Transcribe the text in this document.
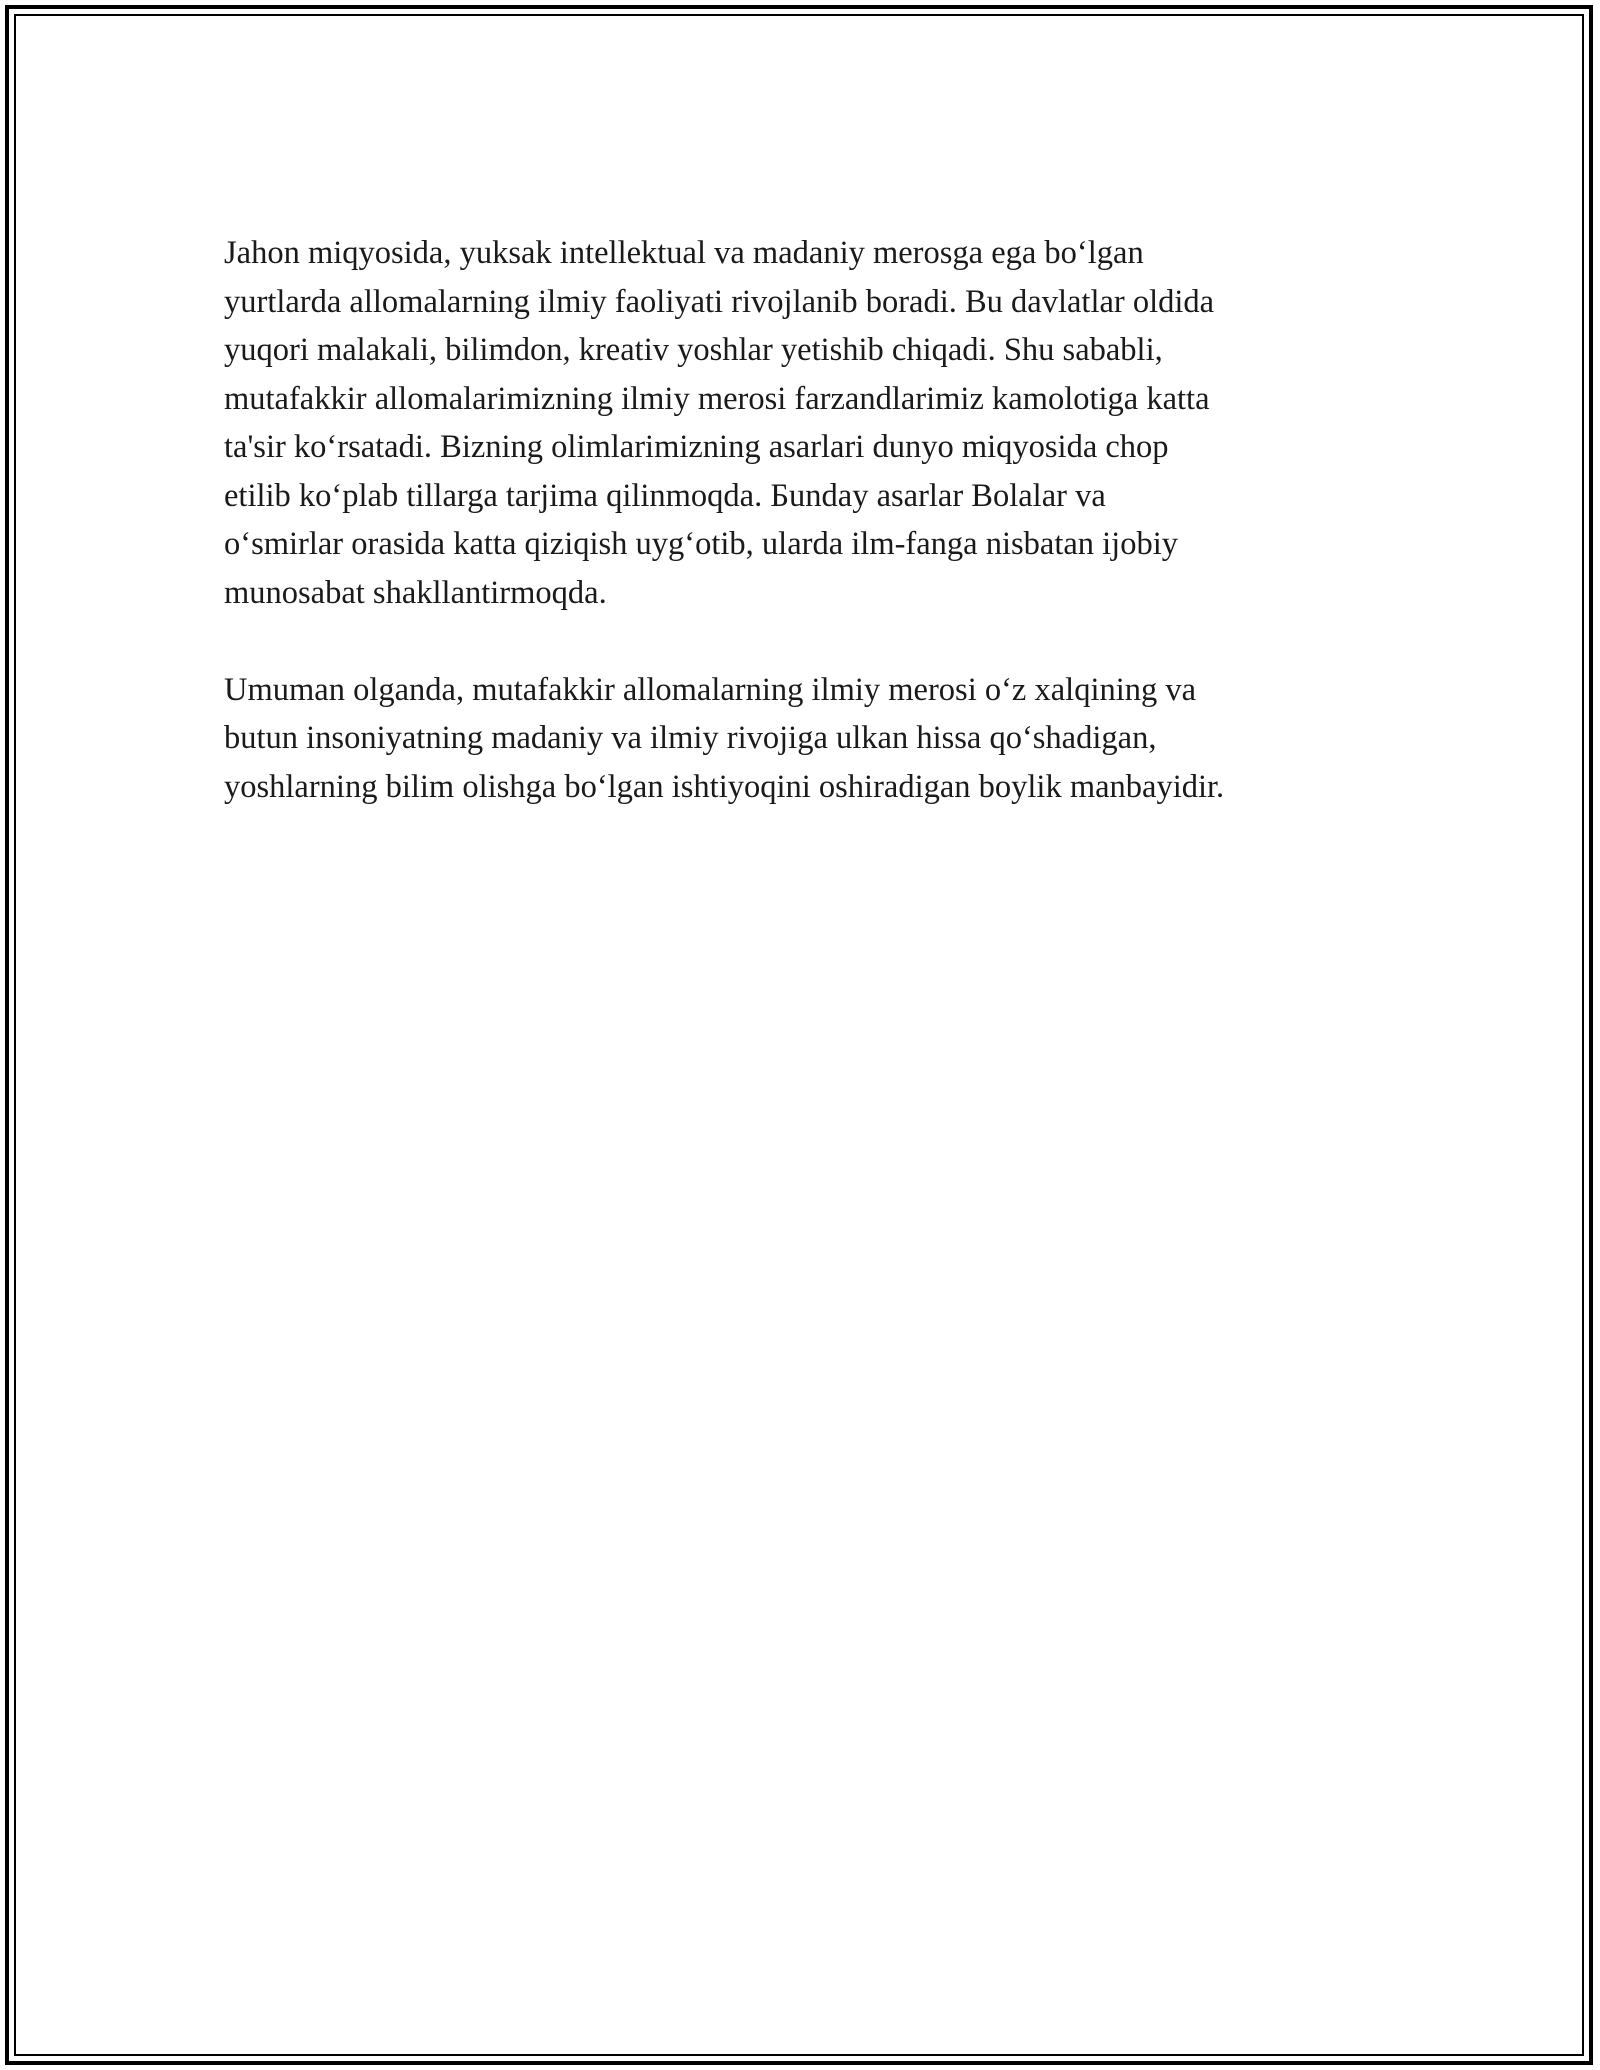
Jahon miqyosida, yuksak intellektual va madaniy merosga ega bo‘lgan
yurtlarda allomalarning ilmiy faoliyati rivojlanib boradi. Bu davlatlar oldida
yuqori malakali, bilimdon, kreativ yoshlar yetishib chiqadi. Shu sababli,
mutafakkir allomalarimizning ilmiy merosi farzandlarimiz kamolotiga katta
ta'sir ko‘rsatadi. Bizning olimlarimizning asarlari dunyo miqyosida chop
etilib ko‘plab tillarga tarjima qilinmoqda. Бunday asarlar Bolalar va
o‘smirlar orasida katta qiziqish uyg‘otib, ularda ilm-fanga nisbatan ijobiy
munosabat shakllantirmoqda.

Umuman olganda, mutafakkir allomalarning ilmiy merosi o‘z xalqining va
butun insoniyatning madaniy va ilmiy rivojiga ulkan hissa qo‘shadigan,
yoshlarning bilim olishga bo‘lgan ishtiyoqini oshiradigan boylik manbayidir.
